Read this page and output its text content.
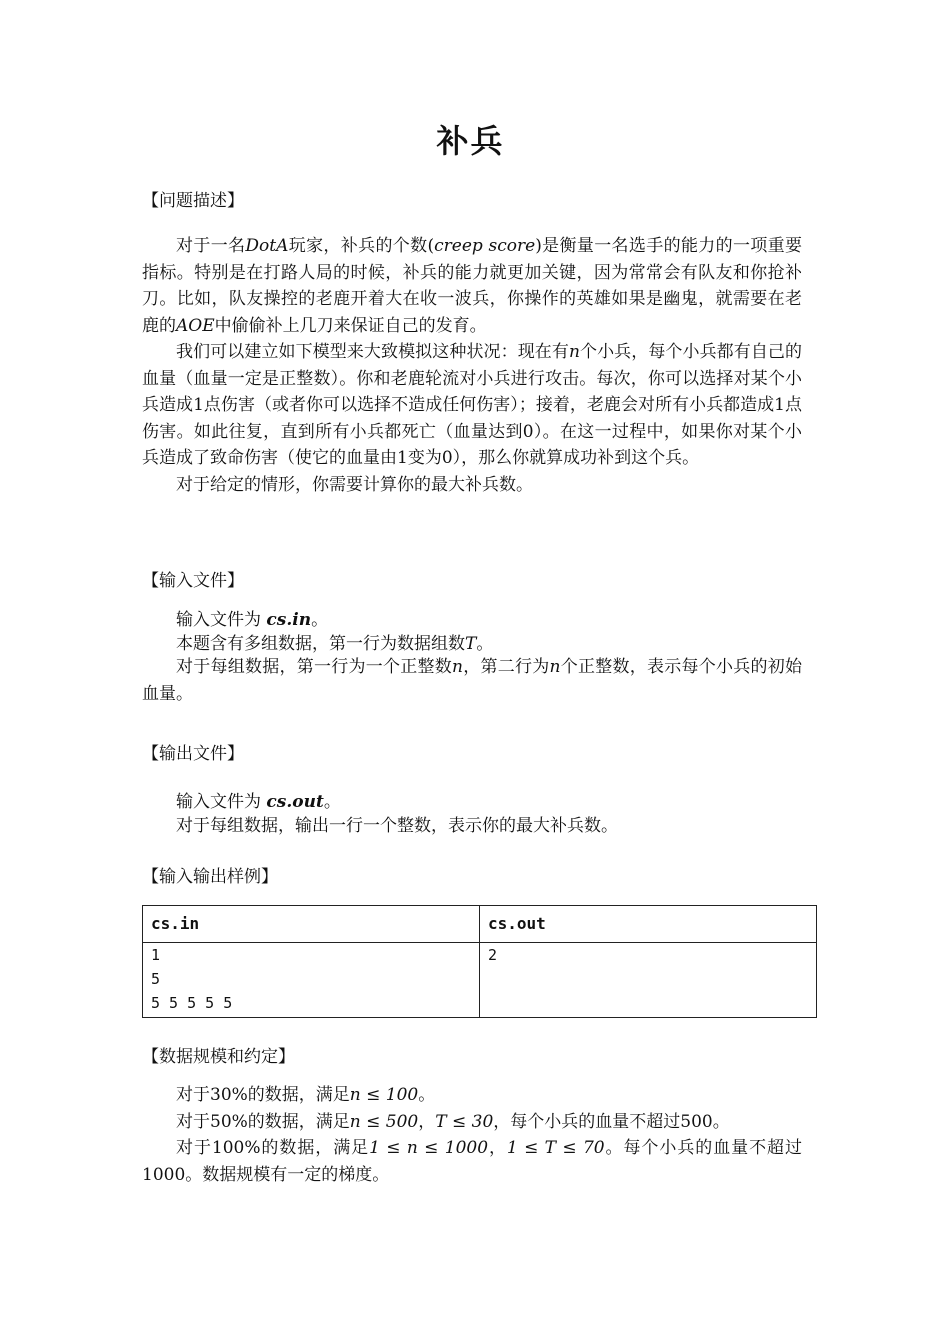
补兵
【问题描述】

对于一名DotA玩家，补兵的个数(creep score)是衡量一名选手的能力的一项重要指标。特别是在打路人局的时候，补兵的能力就更加关键，因为常常会有队友和你抢补刀。比如，队友操控的老鹿开着大在收一波兵，你操作的英雄如果是幽鬼，就需要在老鹿的AOE中偷偷补上几刀来保证自己的发育。

我们可以建立如下模型来大致模拟这种状况：现在有n个小兵，每个小兵都有自己的血量（血量一定是正整数）。你和老鹿轮流对小兵进行攻击。每次，你可以选择对某个小兵造成1点伤害（或者你可以选择不造成任何伤害）；接着，老鹿会对所有小兵都造成1点伤害。如此往复，直到所有小兵都死亡（血量达到0）。在这一过程中，如果你对某个小兵造成了致命伤害（使它的血量由1变为0），那么你就算成功补到这个兵。

对于给定的情形，你需要计算你的最大补兵数。

【输入文件】

输入文件为 cs.in。

本题含有多组数据，第一行为数据组数T。

对于每组数据，第一行为一个正整数n，第二行为n个正整数，表示每个小兵的初始血量。

【输出文件】

输入文件为 cs.out。

对于每组数据，输出一行一个整数，表示你的最大补兵数。

【输入输出样例】
cs.in	cs.out

1
5
5 5 5 5 5	2
【数据规模和约定】

对于30%的数据，满足n ≤ 100。

对于50%的数据，满足n ≤ 500，T ≤ 30，每个小兵的血量不超过500。

对于100%的数据，满足1 ≤ n ≤ 1000，1 ≤ T ≤ 70。每个小兵的血量不超过1000。数据规模有一定的梯度。
